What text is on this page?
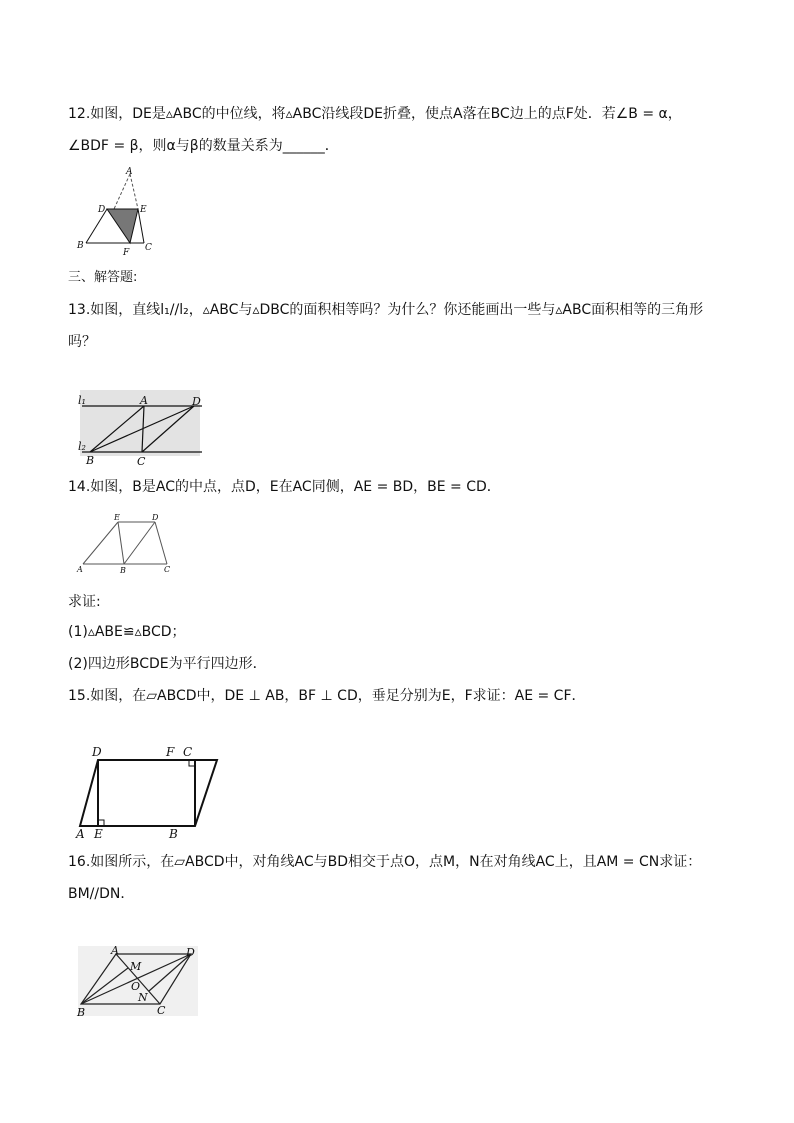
12.如图，DE是▵ABC的中位线，将▵ABC沿线段DE折叠，使点A落在BC边上的点F处．若∠B = α，
∠BDF = β，则α与β的数量关系为______．
A
D	E
B	C
F
三、解答题:
13.如图，直线l₁//l₂，▵ABC与▵DBC的面积相等吗？为什么？你还能画出一些与▵ABC面积相等的三角形
吗？
l₁
l₂
A	D
B	C
14.如图，B是AC的中点，点D，E在AC同侧，AE = BD，BE = CD．
E	D
A	B	C
求证:
(1)▵ABE≌▵BCD；
(2)四边形BCDE为平行四边形．
15.如图，在▱ABCD中，DE ⊥ AB，BF ⊥ CD，垂足分别为E，F求证：AE = CF．
D	F C
A E	B
16.如图所示，在▱ABCD中，对角线AC与BD相交于点O，点M，N在对角线AC上，且AM = CN求证：
BM//DN．
A	D
M
O
N
B	C
